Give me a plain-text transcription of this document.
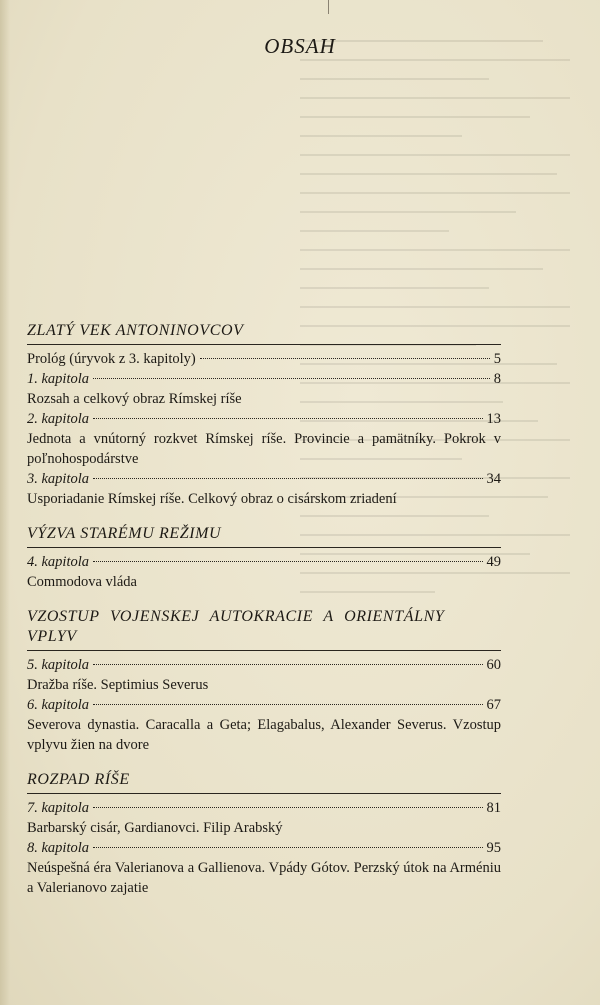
OBSAH
ZLATÝ VEK ANTONINOVCOV
Prológ (úryvok z 3. kapitoly)	5
1. kapitola	8
Rozsah a celkový obraz Rímskej ríše
2. kapitola	13
Jednota a vnútorný rozkvet Rímskej ríše. Provincie a pamätníky. Pokrok v poľnohospodárstve
3. kapitola	34
Usporiadanie Rímskej ríše. Celkový obraz o cisárskom zriadení
VÝZVA STARÉMU REŽIMU
4. kapitola	49
Commodova vláda
VZOSTUP VOJENSKEJ AUTOKRACIE A ORIENTÁLNY VPLYV
5. kapitola	60
Dražba ríše. Septimius Severus
6. kapitola	67
Severova dynastia. Caracalla a Geta; Elagabalus, Alexander Severus. Vzostup vplyvu žien na dvore
ROZPAD RÍŠE
7. kapitola	81
Barbarský cisár, Gardianovci. Filip Arabský
8. kapitola	95
Neúspešná éra Valerianova a Gallienova. Vpády Gótov. Perzský útok na Arméniu a Valerianovo zajatie
